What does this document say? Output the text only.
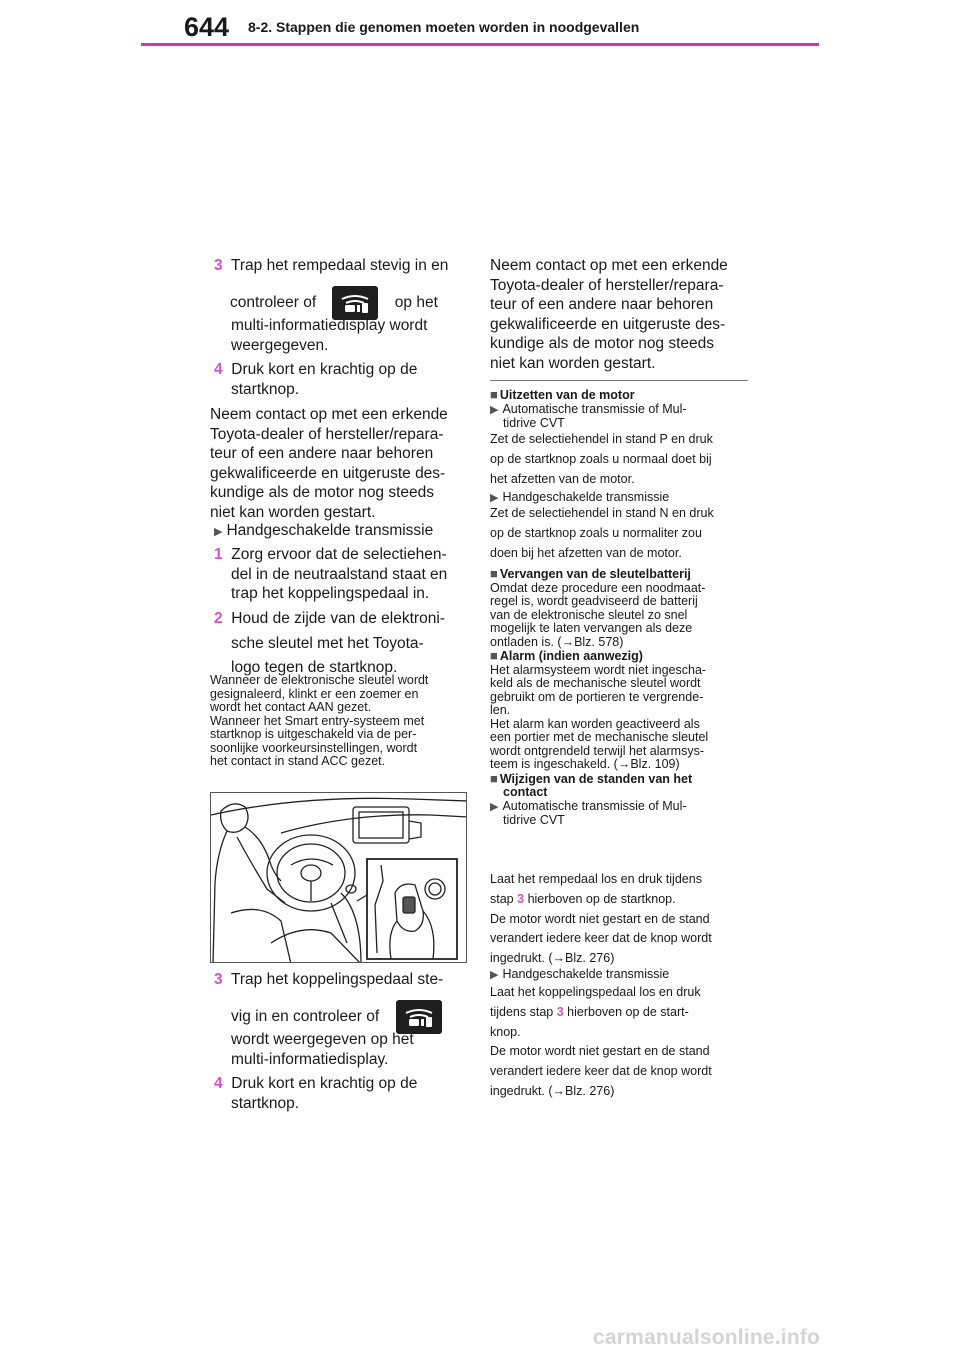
644 8-2. Stappen die genomen moeten worden in noodgevallen
3 Trap het rempedaal stevig in en
controleer of	op het
multi-informatiedisplay wordt
weergegeven.
4 Druk kort en krachtig op de
startknop.
Neem contact op met een erkende
Toyota-dealer of hersteller/repara-
teur of een andere naar behoren
gekwalificeerde en uitgeruste des-
kundige als de motor nog steeds
niet kan worden gestart.
▶ Handgeschakelde transmissie
1 Zorg ervoor dat de selectiehen-
del in de neutraalstand staat en
trap het koppelingspedaal in.
2 Houd de zijde van de elektroni-
sche sleutel met het Toyota-
logo tegen de startknop.
Wanneer de elektronische sleutel wordt
gesignaleerd, klinkt er een zoemer en
wordt het contact AAN gezet.
Wanneer het Smart entry-systeem met
startknop is uitgeschakeld via de per-
soonlijke voorkeursinstellingen, wordt
het contact in stand ACC gezet.
3 Trap het koppelingspedaal ste-
vig in en controleer of
wordt weergegeven op het
multi-informatiedisplay.
4 Druk kort en krachtig op de
startknop.
Neem contact op met een erkende
Toyota-dealer of hersteller/repara-
teur of een andere naar behoren
gekwalificeerde en uitgeruste des-
kundige als de motor nog steeds
niet kan worden gestart.
■ Uitzetten van de motor
▶ Automatische transmissie of Mul-
tidrive CVT
Zet de selectiehendel in stand P en druk
op de startknop zoals u normaal doet bij
het afzetten van de motor.
▶ Handgeschakelde transmissie
Zet de selectiehendel in stand N en druk
op de startknop zoals u normaliter zou
doen bij het afzetten van de motor.
■ Vervangen van de sleutelbatterij
Omdat deze procedure een noodmaat-
regel is, wordt geadviseerd de batterij
van de elektronische sleutel zo snel
mogelijk te laten vervangen als deze
ontladen is. (→Blz. 578)
■ Alarm (indien aanwezig)
Het alarmsysteem wordt niet ingescha-
keld als de mechanische sleutel wordt
gebruikt om de portieren te vergrende-
len.
Het alarm kan worden geactiveerd als
een portier met de mechanische sleutel
wordt ontgrendeld terwijl het alarmsys-
teem is ingeschakeld. (→Blz. 109)
■ Wijzigen van de standen van het
contact
▶ Automatische transmissie of Mul-
tidrive CVT
Laat het rempedaal los en druk tijdens
stap 3 hierboven op de startknop.
De motor wordt niet gestart en de stand
verandert iedere keer dat de knop wordt
ingedrukt. (→Blz. 276)
▶ Handgeschakelde transmissie
Laat het koppelingspedaal los en druk
tijdens stap 3 hierboven op de start-
knop.
De motor wordt niet gestart en de stand
verandert iedere keer dat de knop wordt
ingedrukt. (→Blz. 276)
carmanualsonline.info
